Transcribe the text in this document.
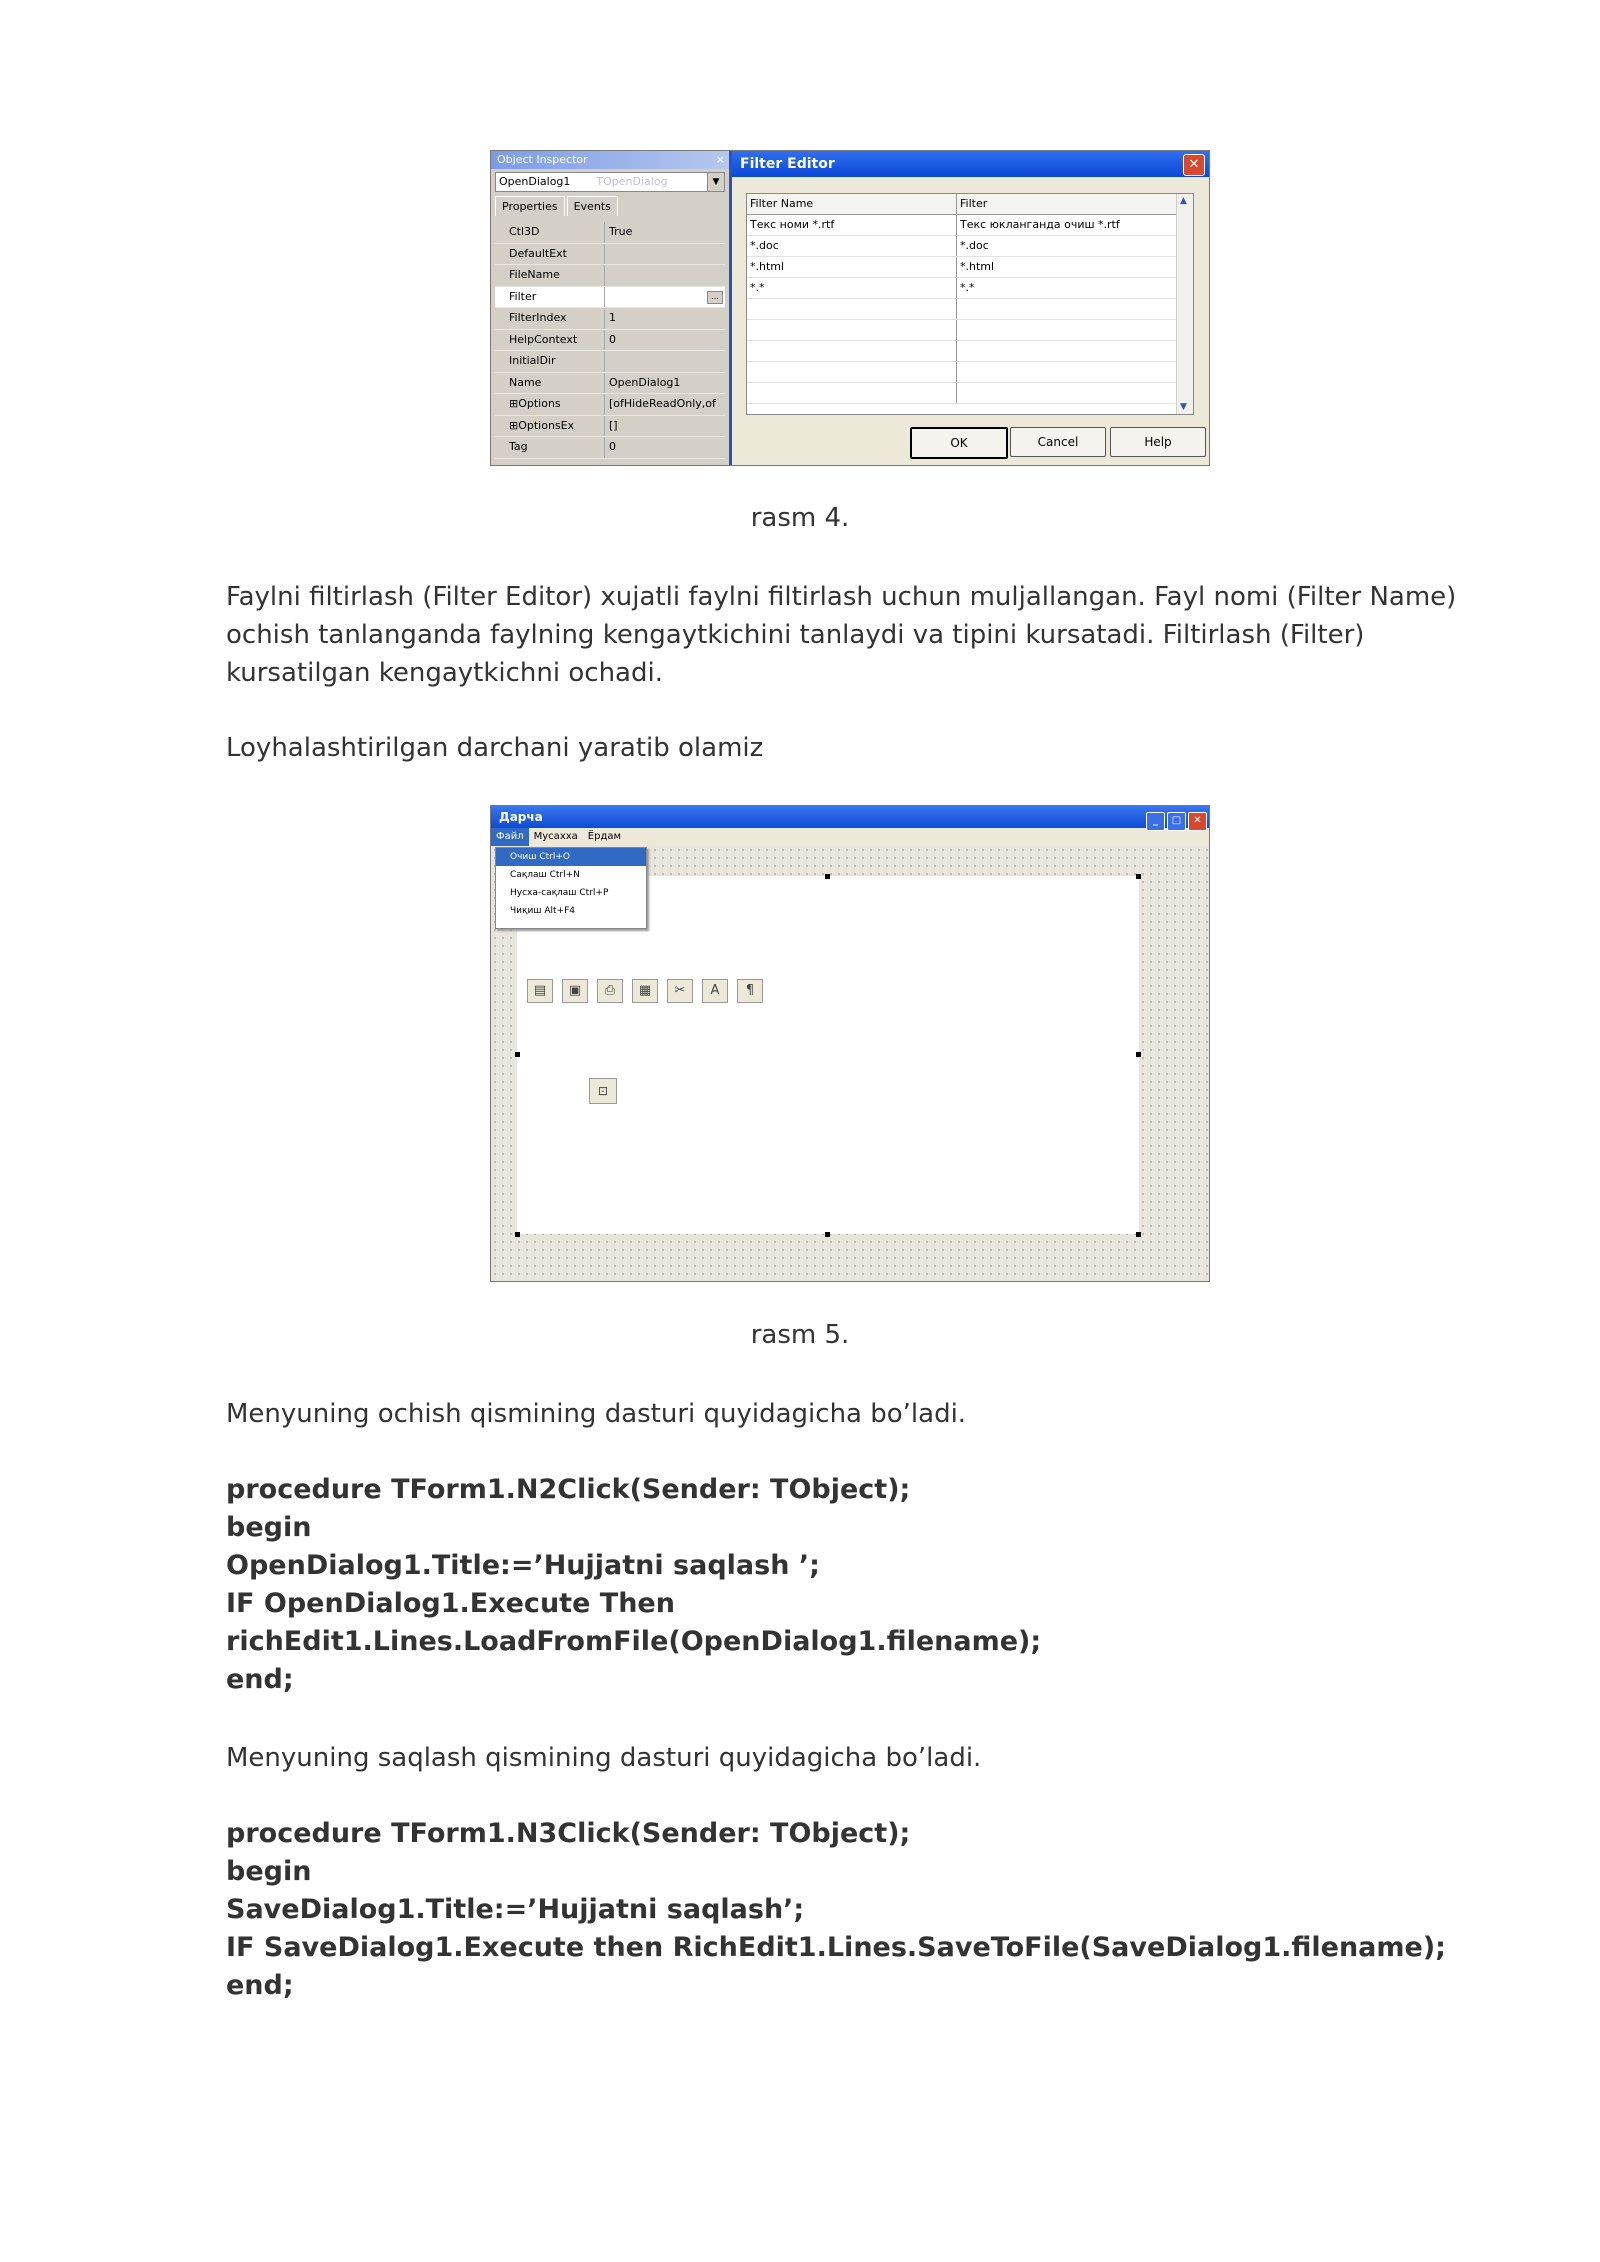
Object Inspector	×
OpenDialog1 TOpenDialog	▼
Properties Events
Ctl3D	True
DefaultExt
FileName
Filter	…
FilterIndex	1
HelpContext	0
InitialDir
Name	OpenDialog1
⊞Options	[ofHideReadOnly,of
⊞OptionsEx	[]
Tag	0
Filter Editor	✕
Filter Name	Filter
Текс номи *.rtf	Текс юкланганда очиш *.rtf
*.doc	*.doc
*.html	*.html
*.*	*.*
▲
▼
OK	Cancel	Help
rasm 4.
Faylni filtirlash (Filter Editor) xujatli faylni filtirlash uchun muljallangan. Fayl nomi (Filter Name) ochish tanlanganda faylning kengaytkichini tanlaydi va tipini kursatadi. Filtirlash (Filter) kursatilgan kengaytkichni ochadi.
Loyhalashtirilgan darchani yaratib olamiz
Дарча	_ □ ✕
Файл Мусахха Ёрдам
▤ ▣ ⎙ ▦ ✂ A ¶
⊡
Очиш Ctrl+O
Сақлаш Ctrl+N
Нусха-сақлаш Ctrl+P
Чиқиш Alt+F4
rasm 5.
Menyuning ochish qismining dasturi quyidagicha bo’ladi.
procedure TForm1.N2Click(Sender: TObject);
begin
OpenDialog1.Title:=’Hujjatni saqlash ’;
IF OpenDialog1.Execute Then
richEdit1.Lines.LoadFromFile(OpenDialog1.filename);
end;
Menyuning saqlash qismining dasturi quyidagicha bo’ladi.
procedure TForm1.N3Click(Sender: TObject);
begin
SaveDialog1.Title:=’Hujjatni saqlash’;
IF SaveDialog1.Execute then RichEdit1.Lines.SaveToFile(SaveDialog1.filename);
end;
